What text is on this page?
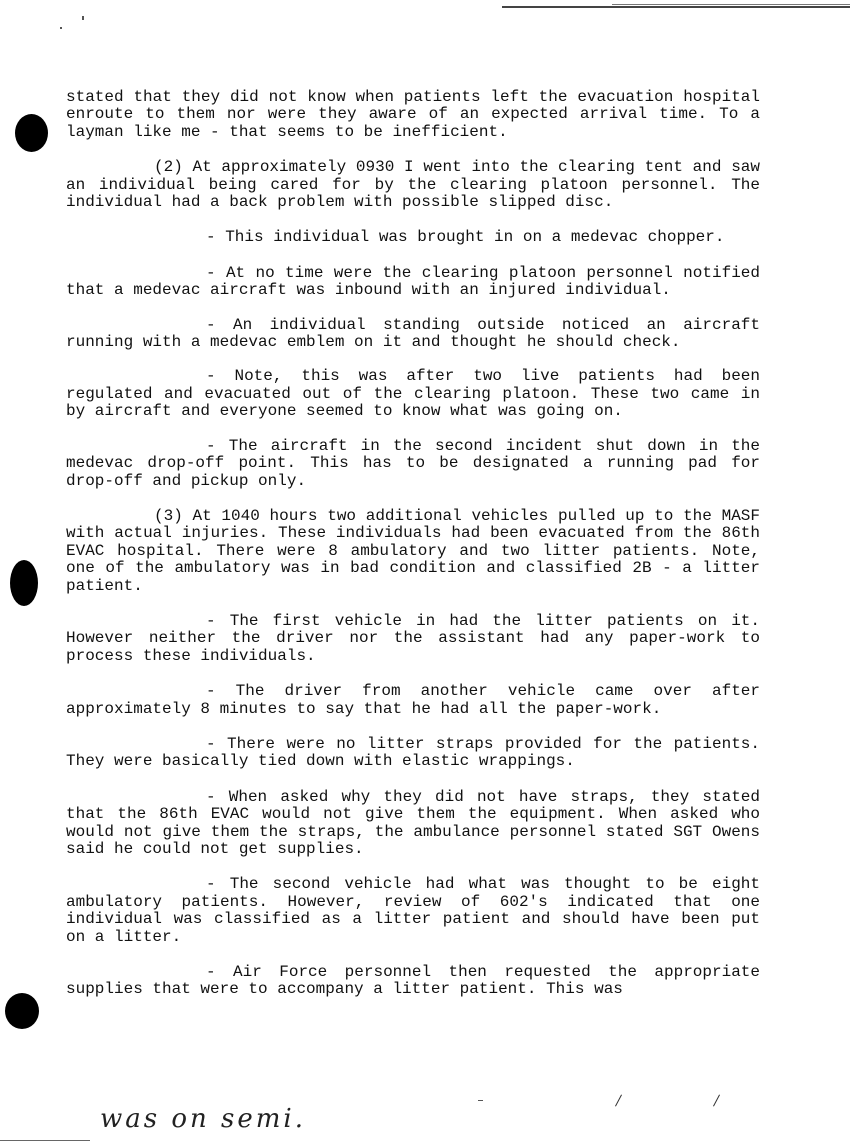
stated that they did not know when patients left the evacuation hospital enroute to them nor were they aware of an expected arrival time. To a layman like me - that seems to be inefficient.

(2) At approximately 0930 I went into the clearing tent and saw an individual being cared for by the clearing platoon personnel. The individual had a back problem with possible slipped disc.

- This individual was brought in on a medevac chopper.

- At no time were the clearing platoon personnel notified that a medevac aircraft was inbound with an injured individual.

- An individual standing outside noticed an aircraft running with a medevac emblem on it and thought he should check.

- Note, this was after two live patients had been regulated and evacuated out of the clearing platoon. These two came in by aircraft and everyone seemed to know what was going on.

- The aircraft in the second incident shut down in the medevac drop-off point. This has to be designated a running pad for drop-off and pickup only.

(3) At 1040 hours two additional vehicles pulled up to the MASF with actual injuries. These individuals had been evacuated from the 86th EVAC hospital. There were 8 ambulatory and two litter patients. Note, one of the ambulatory was in bad condition and classified 2B - a litter patient.

- The first vehicle in had the litter patients on it. However neither the driver nor the assistant had any paper-work to process these individuals.

- The driver from another vehicle came over after approximately 8 minutes to say that he had all the paper-work.

- There were no litter straps provided for the patients. They were basically tied down with elastic wrappings.

- When asked why they did not have straps, they stated that the 86th EVAC would not give them the equipment. When asked who would not give them the straps, the ambulance personnel stated SGT Owens said he could not get supplies.

- The second vehicle had what was thought to be eight ambulatory patients. However, review of 602's indicated that one individual was classified as a litter patient and should have been put on a litter.

- Air Force personnel then requested the appropriate supplies that were to accompany a litter patient. This was

was on semi.
